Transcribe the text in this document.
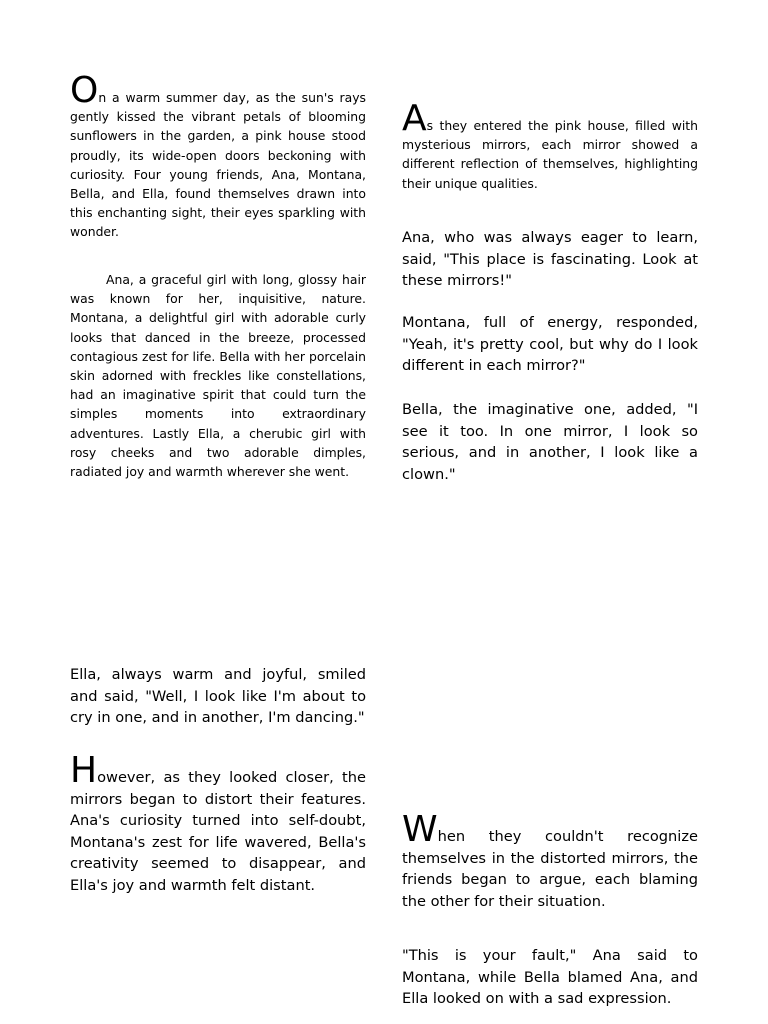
On a warm summer day, as the sun's rays gently kissed the vibrant petals of blooming sunflowers in the garden, a pink house stood proudly, its wide-open doors beckoning with curiosity. Four young friends, Ana, Montana, Bella, and Ella, found themselves drawn into this enchanting sight, their eyes sparkling with wonder.

Ana, a graceful girl with long, glossy hair was known for her, inquisitive, nature. Montana, a delightful girl with adorable curly looks that danced in the breeze, processed contagious zest for life. Bella with her porcelain skin adorned with freckles like constellations, had an imaginative spirit that could turn the simples moments into extraordinary adventures. Lastly Ella, a cherubic girl with rosy cheeks and two adorable dimples, radiated joy and warmth wherever she went.

Ella, always warm and joyful, smiled and said, "Well, I look like I'm about to cry in one, and in another, I'm dancing."

However, as they looked closer, the mirrors began to distort their features. Ana's curiosity turned into self-doubt, Montana's zest for life wavered, Bella's creativity seemed to disappear, and Ella's joy and warmth felt distant.

As they entered the pink house, filled with mysterious mirrors, each mirror showed a different reflection of themselves, highlighting their unique qualities.

Ana, who was always eager to learn, said, "This place is fascinating. Look at these mirrors!"

Montana, full of energy, responded, "Yeah, it's pretty cool, but why do I look different in each mirror?"

Bella, the imaginative one, added, "I see it too. In one mirror, I look so serious, and in another, I look like a clown."

When they couldn't recognize themselves in the distorted mirrors, the friends began to argue, each blaming the other for their situation.

"This is your fault," Ana said to Montana, while Bella blamed Ana, and Ella looked on with a sad expression.
